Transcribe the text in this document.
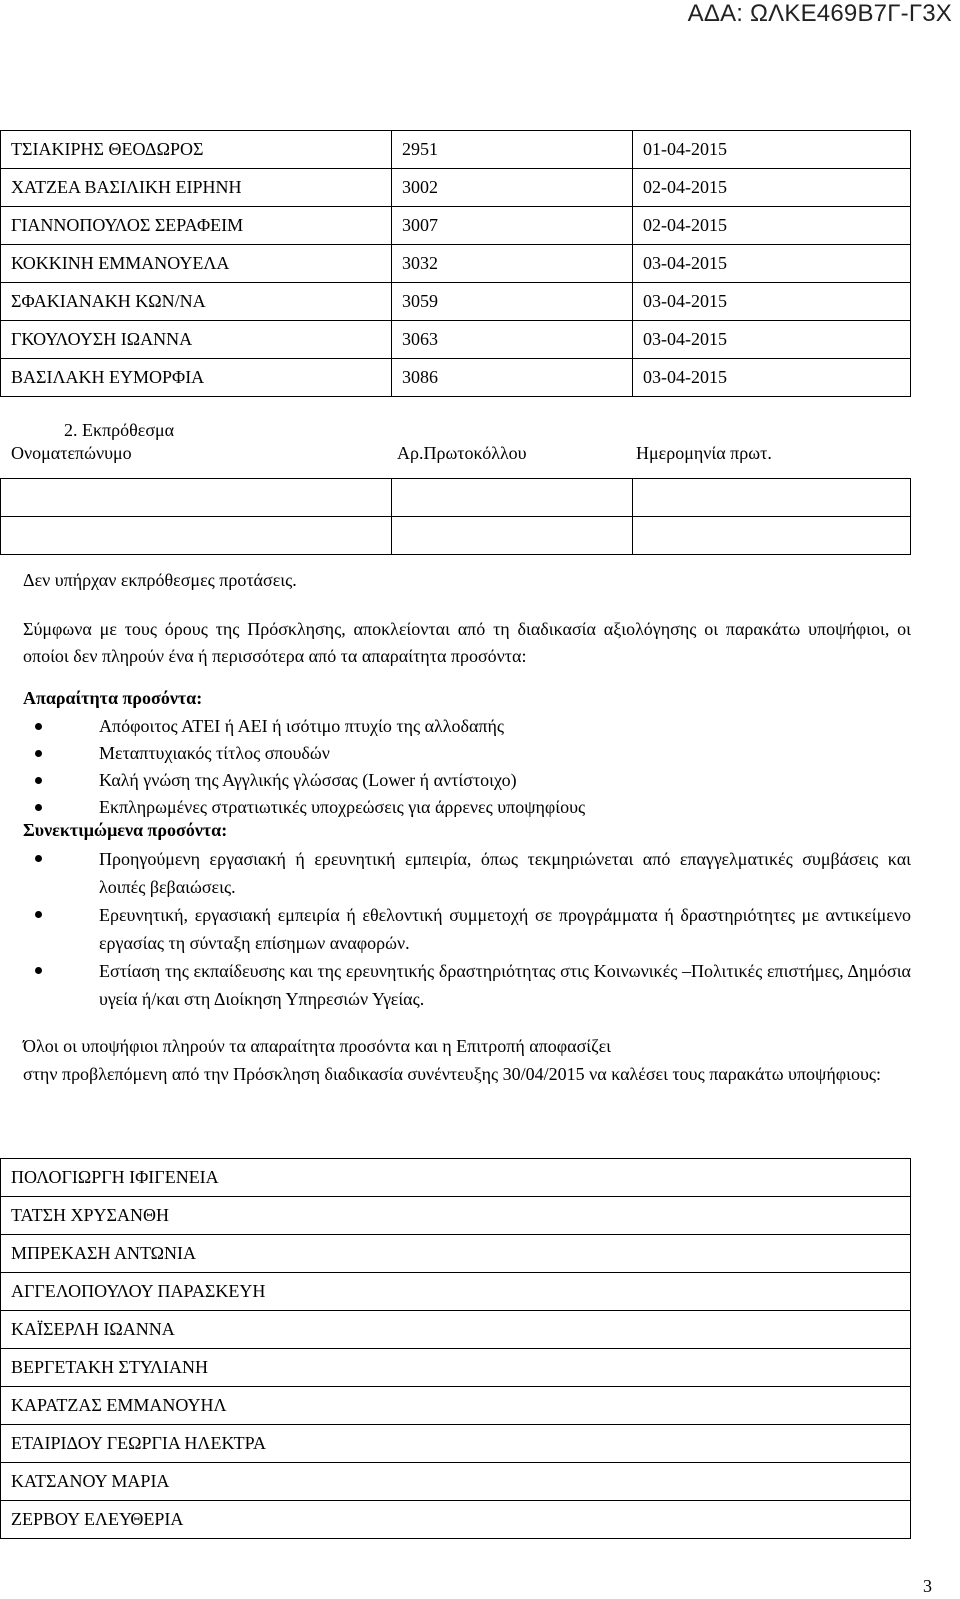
ΑΔΑ: ΩΛΚΕ469Β7Γ-Γ3Χ
ΤΣΙΑΚΙΡΗΣ ΘΕΟΔΩΡΟΣ	2951	01-04-2015
ΧΑΤΖΕΑ ΒΑΣΙΛΙΚΗ ΕΙΡΗΝΗ	3002	02-04-2015
ΓΙΑΝΝΟΠΟΥΛΟΣ ΣΕΡΑΦΕΙΜ	3007	02-04-2015
ΚΟΚΚΙΝΗ ΕΜΜΑΝΟΥΕΛΑ	3032	03-04-2015
ΣΦΑΚΙΑΝΑΚΗ ΚΩΝ/ΝΑ	3059	03-04-2015
ΓΚΟΥΛΟΥΣΗ ΙΩΑΝΝΑ	3063	03-04-2015
ΒΑΣΙΛΑΚΗ ΕΥΜΟΡΦΙΑ	3086	03-04-2015
2. Εκπρόθεσμα
Ονοματεπώνυμο	Αρ.Πρωτοκόλλου	Ημερομηνία πρωτ.

Δεν υπήρχαν εκπρόθεσμες προτάσεις.
Σύμφωνα με τους όρους της Πρόσκλησης, αποκλείονται από τη διαδικασία αξιολόγησης οι παρακάτω υποψήφιοι, οι οποίοι δεν πληρούν ένα ή περισσότερα από τα απαραίτητα προσόντα:
Απαραίτητα προσόντα:
Απόφοιτος ΑΤΕΙ ή ΑΕΙ ή ισότιμο πτυχίο της αλλοδαπής
Μεταπτυχιακός τίτλος σπουδών
Καλή γνώση της Αγγλικής γλώσσας (Lower ή αντίστοιχο)
Εκπληρωμένες στρατιωτικές υποχρεώσεις για άρρενες υποψηφίους
Συνεκτιμώμενα προσόντα:
Προηγούμενη εργασιακή ή ερευνητική εμπειρία, όπως τεκμηριώνεται από επαγγελματικές συμβάσεις και λοιπές βεβαιώσεις.
Ερευνητική, εργασιακή εμπειρία ή εθελοντική συμμετοχή σε προγράμματα ή δραστηριότητες με αντικείμενο εργασίας τη σύνταξη επίσημων αναφορών.
Εστίαση της εκπαίδευσης και της ερευνητικής δραστηριότητας στις Κοινωνικές –Πολιτικές επιστήμες, Δημόσια υγεία ή/και στη Διοίκηση Υπηρεσιών Υγείας.
Όλοι οι υποψήφιοι πληρούν τα απαραίτητα προσόντα και η Επιτροπή αποφασίζει
στην προβλεπόμενη από την Πρόσκληση διαδικασία συνέντευξης 30/04/2015 να καλέσει τους παρακάτω υποψήφιους:
ΠΟΛΟΓΙΩΡΓΗ ΙΦΙΓΕΝΕΙΑ
ΤΑΤΣΗ ΧΡΥΣΑΝΘΗ
ΜΠΡΕΚΑΣΗ ΑΝΤΩΝΙΑ
ΑΓΓΕΛΟΠΟΥΛΟΥ ΠΑΡΑΣΚΕΥΗ
ΚΑΪΣΕΡΛΗ ΙΩΑΝΝΑ
ΒΕΡΓΕΤΑΚΗ ΣΤΥΛΙΑΝΗ
ΚΑΡΑΤΖΑΣ ΕΜΜΑΝΟΥΗΛ
ΕΤΑΙΡΙΔΟΥ ΓΕΩΡΓΙΑ ΗΛΕΚΤΡΑ
ΚΑΤΣΑΝΟΥ ΜΑΡΙΑ
ΖΕΡΒΟΥ ΕΛΕΥΘΕΡΙΑ
3
